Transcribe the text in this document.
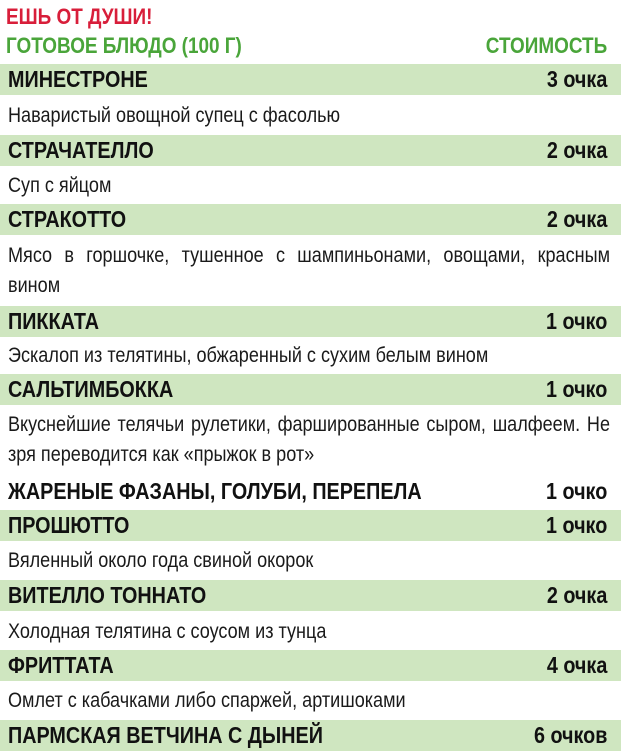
ЕШЬ ОТ ДУШИ!
ГОТОВОЕ БЛЮДО (100 Г)	СТОИМОСТЬ
МИНЕСТРОНЕ	3 очка
Наваристый овощной супец с фасолью
СТРАЧАТЕЛЛО	2 очка
Суп с яйцом
СТРАКОТТО	2 очка
Мясо в горшочке, тушенное с шампиньонами, овощами, красным вином
ПИККАТА	1 очко
Эскалоп из телятины, обжаренный с сухим белым вином
САЛЬТИМБОККА	1 очко
Вкуснейшие телячьи рулетики, фаршированные сыром, шалфеем. Не зря переводится как «прыжок в рот»
ЖАРЕНЫЕ ФАЗАНЫ, ГОЛУБИ, ПЕРЕПЕЛА	1 очко
ПРОШЮТТО	1 очко
Вяленный около года свиной окорок
ВИТЕЛЛО ТОННАТО	2 очка
Холодная телятина с соусом из тунца
ФРИТТАТА	4 очка
Омлет с кабачками либо спаржей, артишоками
ПАРМСКАЯ ВЕТЧИНА С ДЫНЕЙ	6 очков
